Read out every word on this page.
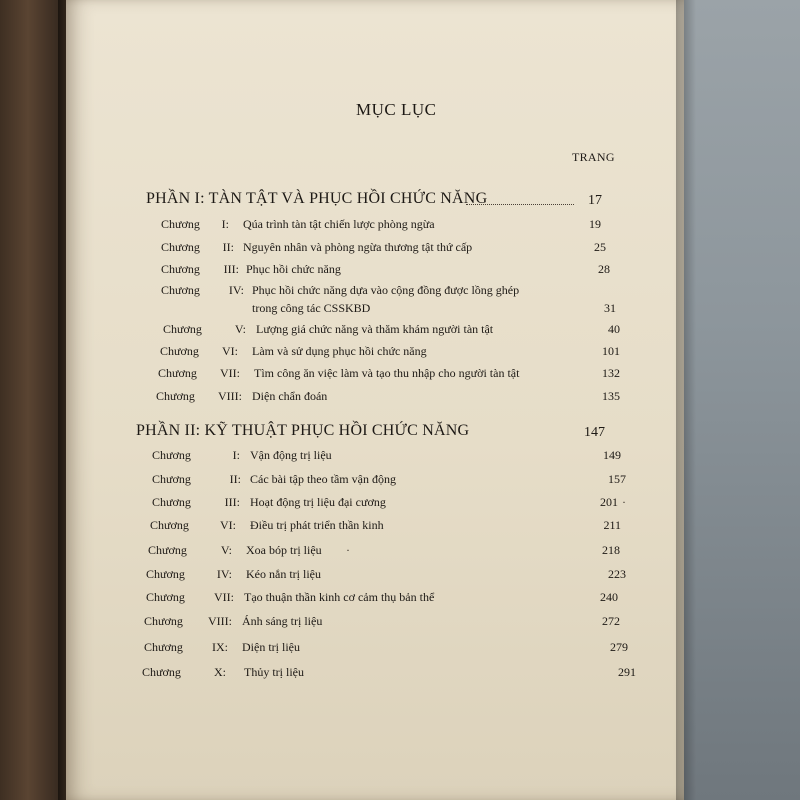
MỤC LỤC
TRANG
PHẦN I: TÀN TẬT VÀ PHỤC HỒI CHỨC NĂNG	17
Chương	I: Qúa trình tàn tật chiến lược phòng ngừa	19
Chương	II: Nguyên nhân và phòng ngừa thương tật thứ cấp	25
Chương	III: Phục hồi chức năng	28
Chương	IV: Phục hồi chức năng dựa vào cộng đồng được lồng ghép
trong công tác CSSKBD	31
Chương	V: Lượng giá chức năng và thăm khám người tàn tật	40
Chương	VI: Làm và sử dụng phục hồi chức năng	101
Chương	VII: Tìm công ăn việc làm và tạo thu nhập cho người tàn tật	132
Chương	VIII: Diện chẩn đoán	135
PHẦN II: KỸ THUẬT PHỤC HỒI CHỨC NĂNG	147
Chương	I: Vận động trị liệu	149
Chương	II: Các bài tập theo tầm vận động	157
Chương	III: Hoạt động trị liệu đại cương	201 ·
Chương	VI: Điều trị phát triển thần kinh	211
Chương	V: Xoa bóp trị liệu	218
·
Chương	IV: Kéo nắn trị liệu	223
Chương	VII: Tạo thuận thần kinh cơ cảm thụ bản thể	240
Chương	VIII: Ánh sáng trị liệu	272
Chương	IX: Diện trị liệu	279
Chương	X: Thủy trị liệu	291
